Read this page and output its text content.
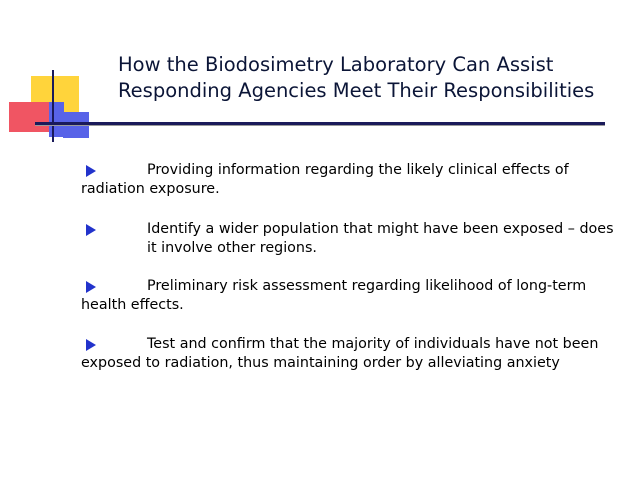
How the Biodosimetry Laboratory Can Assist
Responding Agencies Meet Their Responsibilities
Providing information regarding the likely clinical effects of radiation exposure.
Identify a wider population that might have been exposed – does it involve other regions.
Preliminary risk assessment regarding likelihood of long-term health effects.
Test and confirm that the majority of individuals have not been exposed to radiation, thus maintaining order by alleviating anxiety
